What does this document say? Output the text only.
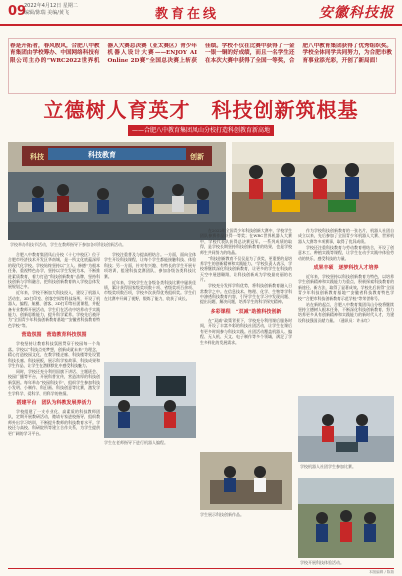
09
2022年4月12日 星期二
编辑/陈瑞 美编/黄飞	教育在线	安徽科技报
春是开拓者，春风殷风，合肥八中教育集团由学校筹办、中国网络科技有限公司主办的“WRC2022世界机器人大赛总决赛（亚太赛区）青少年机器人设计大赛——ENJOY AI Online 2D赛”全国总决赛上斩获佳绩。学校不仅在比赛中获得了一金一银一铜的好成绩，而且一名学生还在本次大赛中获得了全国一等奖，合肥八中教育集团获得了优秀组织奖。学校全体同学共同努力，为合肥市教育事业添光彩，开创了新局面！
立德树人育英才　科技创新筑根基
——合肥八中教育集团凤山分校打造科创教育新高地
科技	科技教育	创新
学校举办科技节活动，学生在教师指导下参加各项科技创新活动。

合肥八中教育集团凤山分校（十七中校区）位于合肥市经济技术开发区华南城，是一所文化底蕴深厚的现代化学校。学校始终坚持以“立人、修德”为根本任务，重视特色办学，坚持以学生发展为本，不断推进素质教育，着力打造“科技创新教育”品牌，坚持科技创新与学科融合，把科技创新教育纳入学校总体发展规划之中。

近年来，学校不断加大科技投入，建设了机器人活动室、3D打印室、创客空间等科技场所，开设了机器人、编程、航模、创客、3D打印等社团课程，并配备专业教师开展活动，学生们在活动中培养动手实践能力、创新思维能力，提升科学素养。学校先后被评为“全国青少年科技创新教育基地”“安徽省科技教育特色学校”等。

营造氛围　营造教育科技氛围

学校坚持让教育科技氛围贯穿于校园每一个角落。学校以“科技点亮梦想，创新成就未来”为理念，精心打造校园文化，在教学楼走廊、科技楼等处设置科技长廊、科技展板，展示科学家故事、科技成果和学生作品，让学生在潜移默化中感受科技魅力。

同时，学校还充分利用国旗下讲话、主题班会、校园广播等平台，开展科普宣传，营造浓厚的科技创新氛围。每年举办“校园科技节”，组织学生参加科技小发明、小制作、科幻画、科技创意等比赛，激发学生学科学、爱科学、用科学的热情。

搭建平台　团队为科教发展养活力

学校组建了一支专业化、高素质的科技教师团队，定期开展教研活动，邀请专家进校指导，组织教师外出学习培训，不断提升教师的科技教育水平。学校还与高校、科研院所等建立合作关系，为学生提供更广阔的学习平台。

学校注重普及与提高相结合。一方面，面向全体学生开设科技课程，让每个学生都能接触科技、体验科技；另一方面，针对有兴趣、有特长的学生开展专项培训，组建科技竞赛团队，参加各级各类科技比赛。

近年来，学校学生在各级各类科技比赛中屡获佳绩，累计获得国家级奖项数十项、省级奖项百余项、市级奖项数百项，学校多次获得优秀组织奖。学生们在比赛中开阔了视野，锻炼了能力，收获了成长。

在2022年全国青少年科技创新大赛中，学校学生团队参赛作品获得一等奖；在WRC世界机器人大赛中，学校代表队获得总决赛冠军。一系列成绩的取得，是学校长期坚持科技创新教育的结果，也是学校师生共同努力的结晶。

“科技创新教育不仅仅是为了获奖，更重要的是培养学生的创新精神和实践能力。”学校负责人表示，学校将继续深化科技创新教育，让更多的学生在科技的天空中展翅翱翔，让科技创新成为学校最亮丽的名片。

学校充分发挥学科优势，将科技创新教育融入日常教学之中。在信息技术、物理、化学、生物等学科中渗透科技教育内容，引导学生在学习中发现问题、提出问题、解决问题，培养学生的科学探究精神。

多彩课程　“双减”助推科技创新

在“双减”政策背景下，学校充分利用课后服务时间，开设了丰富多彩的科技社团活动，让学生在课后有更多时间参与科技实践。社团活动覆盖机器人、编程、无人机、天文、电子制作等多个领域，满足了学生多样化的发展需求。

作为学校科技创新教育的一张名片，机器人社团自成立以来，先后参加了全国青少年机器人大赛、世界机器人大赛等多项赛事，取得了优异成绩。

学校还注重科技教育与劳动教育相结合，开设了创意木工、种植实践等课程，让学生在动手实践中体验劳动的快乐，感受科技的力量。

成果丰硕　逐梦科技人才培养

近年来，学校坚持以科技创新教育为特色，以培养学生创新精神和实践能力为重点，积极探索科技教育的新途径、新方法，取得了显著成效。学校先后获得“全国青少年科技创新教育基地”“安徽省科技教育特色学校”“合肥市科技创新教育示范学校”等荣誉称号。

站在新的起点，合肥八中教育集团凤山分校将继续坚持立德树人根本任务，不断深化科技创新教育，努力培养更多具有创新精神和实践能力的新时代人才，为建设科技强国贡献力量。（通讯员：许永红）

学校机器人社团学生参加比赛。
学生在老师指导下进行机器人编程。
学生展示科技创新作品。
学校开展科技体验活动。
本版编辑 / 陈瑞
